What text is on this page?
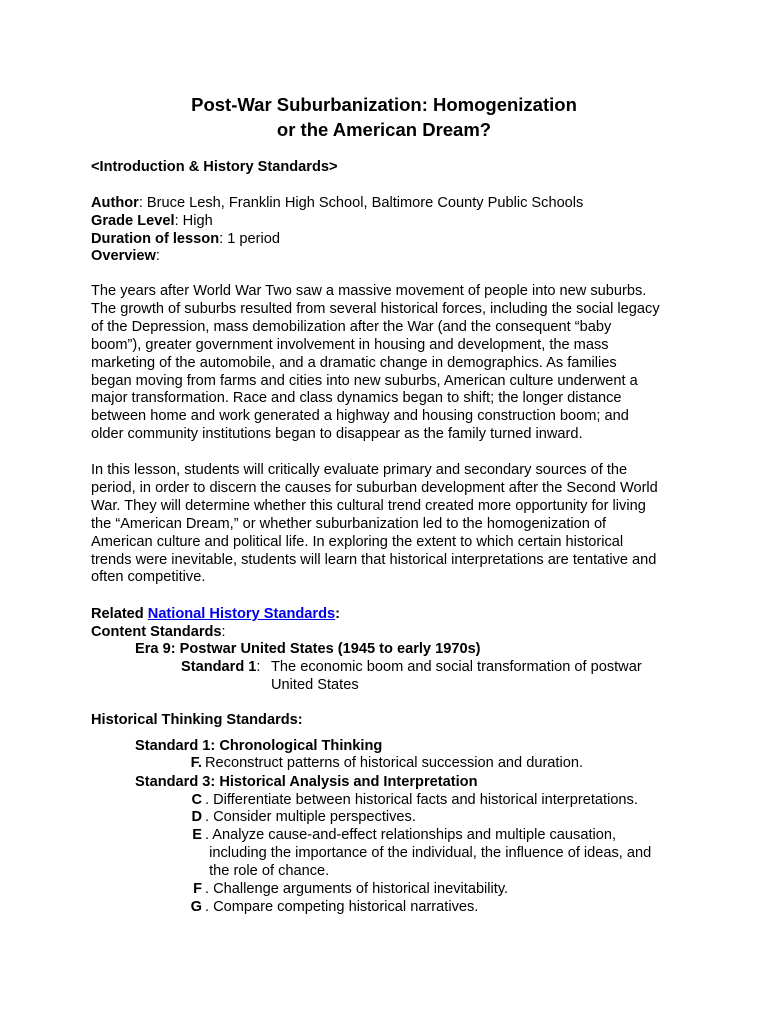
Post-War Suburbanization: Homogenization
or the American Dream?
<Introduction & History Standards>
Author: Bruce Lesh, Franklin High School, Baltimore County Public Schools
Grade Level: High
Duration of lesson: 1 period
Overview:
The years after World War Two saw a massive movement of people into new suburbs.
The growth of suburbs resulted from several historical forces, including the social legacy
of the Depression, mass demobilization after the War (and the consequent “baby
boom”), greater government involvement in housing and development, the mass
marketing of the automobile, and a dramatic change in demographics. As families
began moving from farms and cities into new suburbs, American culture underwent a
major transformation. Race and class dynamics began to shift; the longer distance
between home and work generated a highway and housing construction boom; and
older community institutions began to disappear as the family turned inward.
In this lesson, students will critically evaluate primary and secondary sources of the
period, in order to discern the causes for suburban development after the Second World
War. They will determine whether this cultural trend created more opportunity for living
the “American Dream,” or whether suburbanization led to the homogenization of
American culture and political life. In exploring the extent to which certain historical
trends were inevitable, students will learn that historical interpretations are tentative and
often competitive.
Related National History Standards:
Content Standards:
Era 9: Postwar United States (1945 to early 1970s)
Standard 1: The economic boom and social transformation of postwar
United States
Historical Thinking Standards:
Standard 1: Chronological Thinking
F. Reconstruct patterns of historical succession and duration.
Standard 3: Historical Analysis and Interpretation
C . Differentiate between historical facts and historical interpretations.
D . Consider multiple perspectives.
E . Analyze cause-and-effect relationships and multiple causation,
including the importance of the individual, the influence of ideas, and
the role of chance.
F . Challenge arguments of historical inevitability.
G . Compare competing historical narratives.
